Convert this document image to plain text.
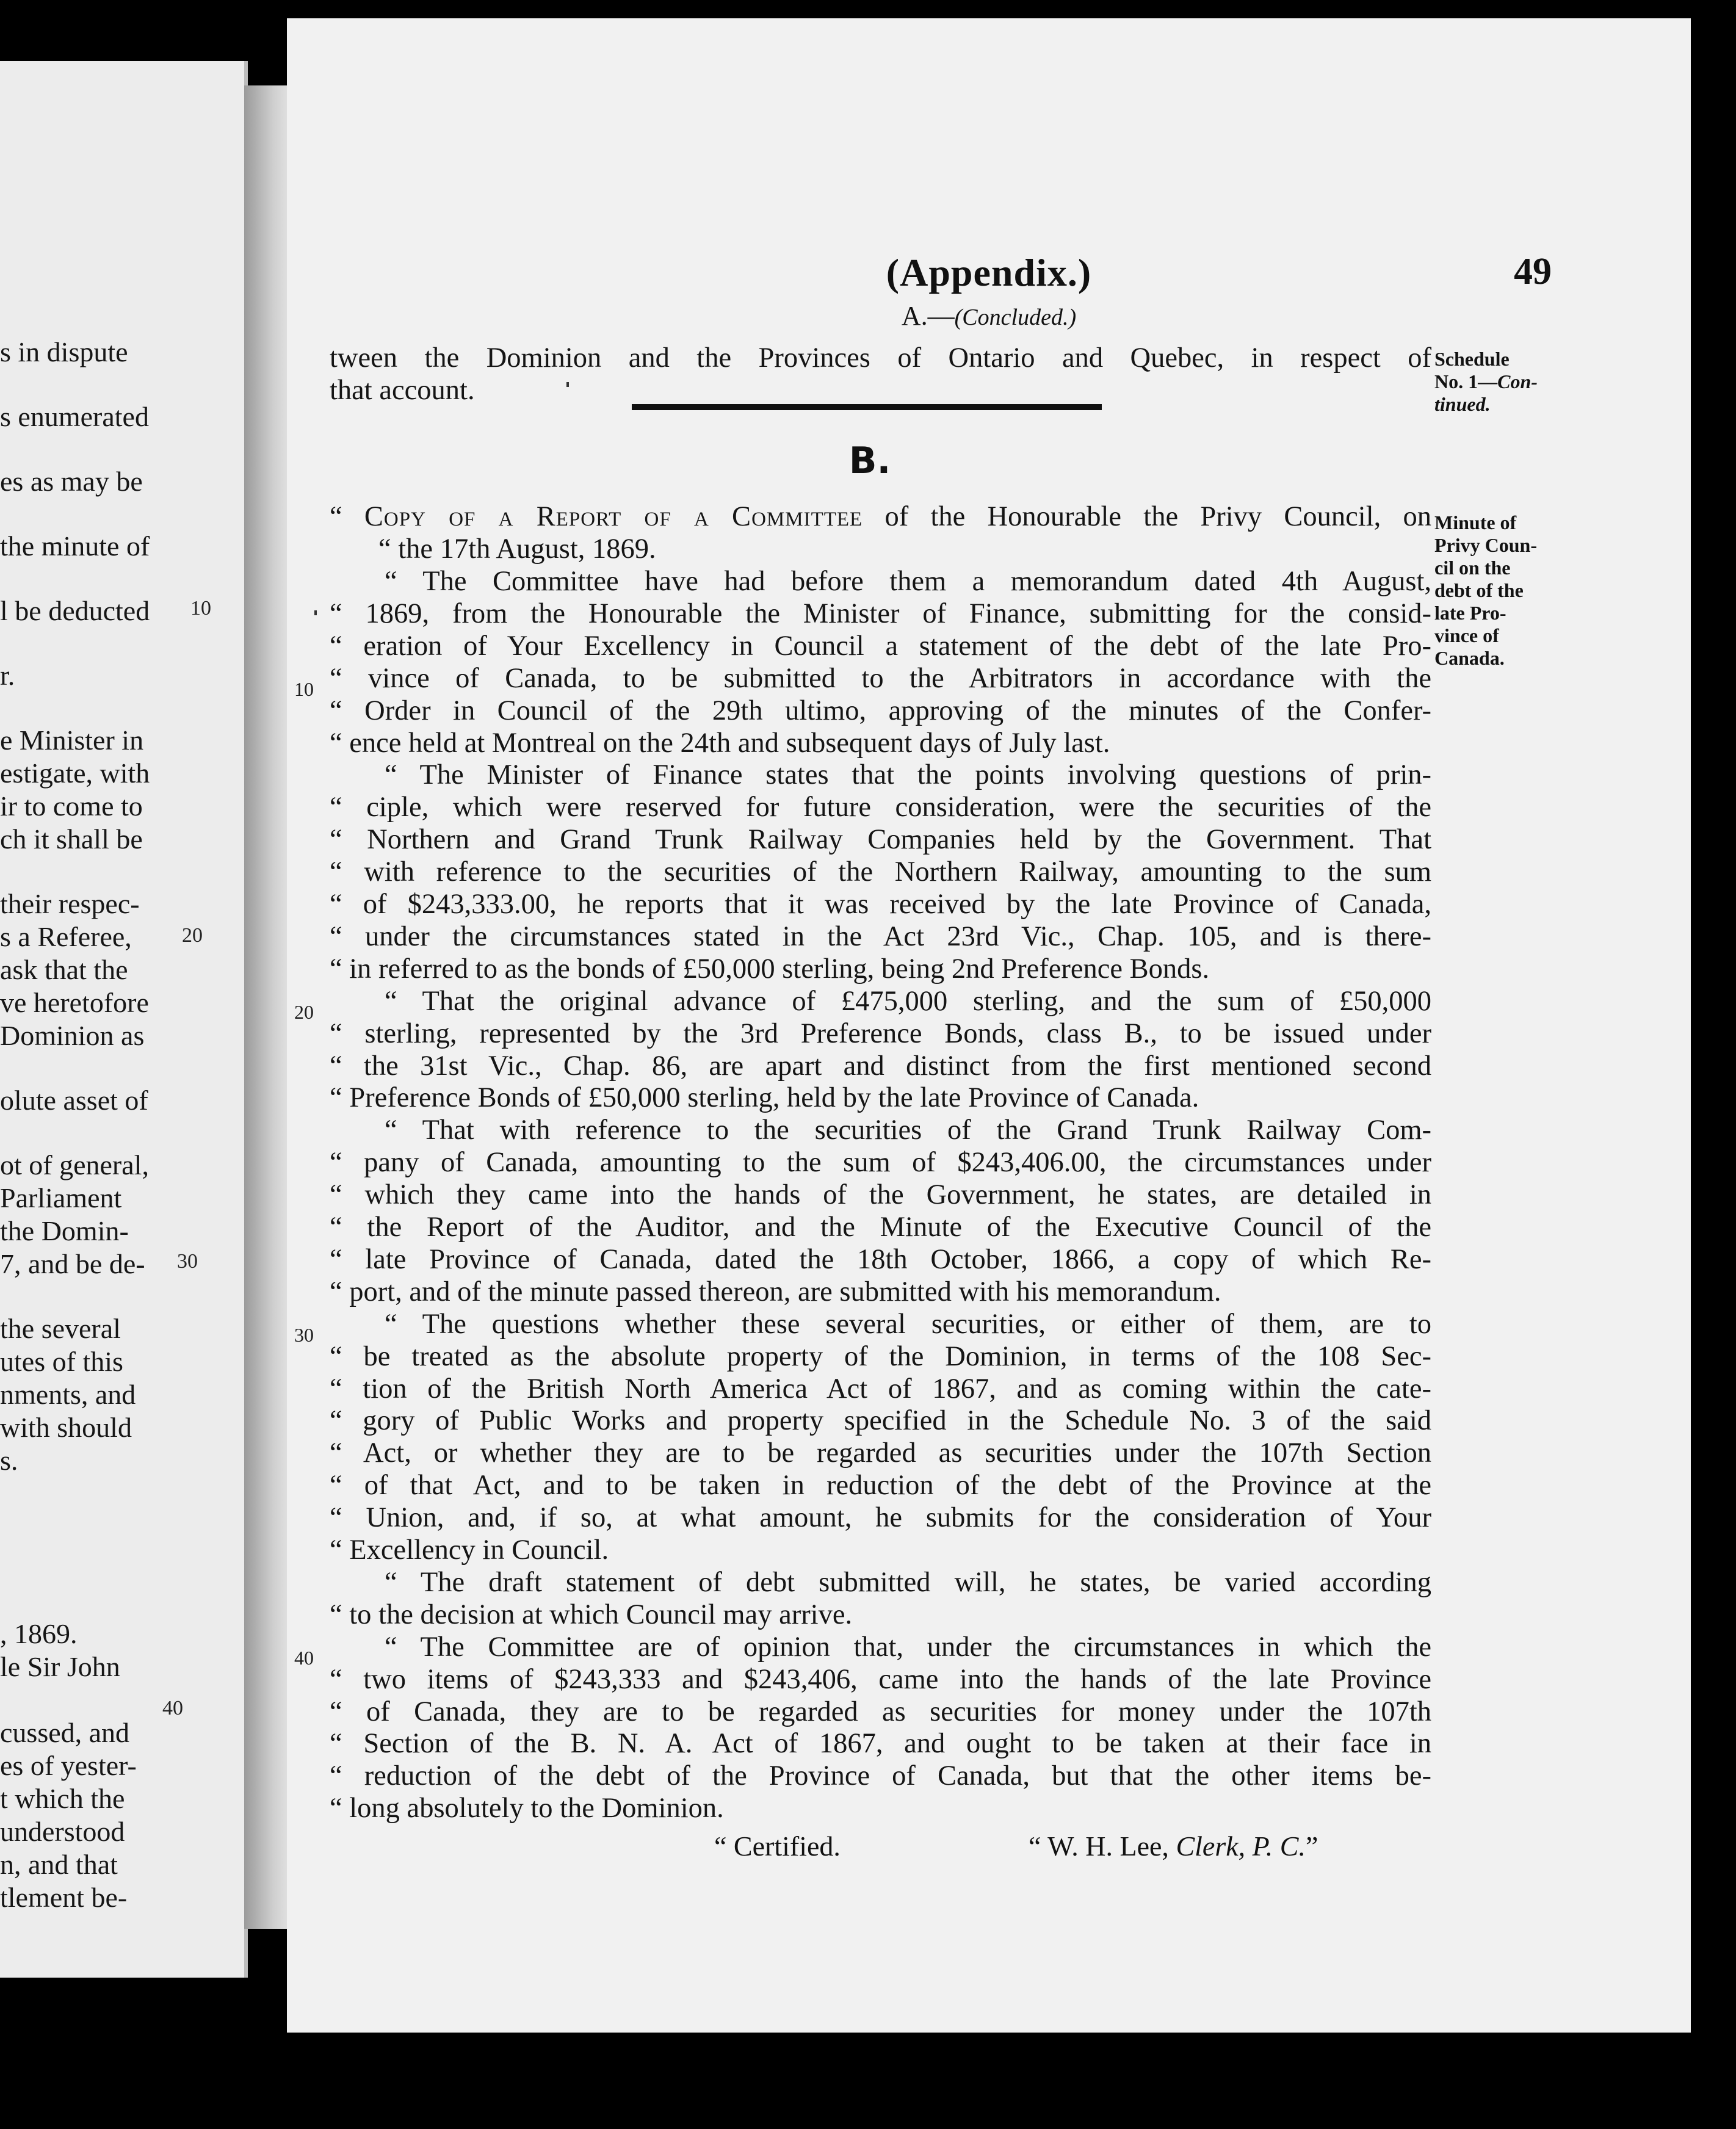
s in dispute
s enumerated
es as may be
the minute of
l be deducted
r.
e Minister in
estigate, with
ir to come to
ch it shall be
their respec-
s a Referee,
ask that the
ve heretofore
Dominion as
olute asset of
ot of general,
Parliament
the Domin-
7, and be de-
the several
utes of this
nments, and
with should
s.
, 1869.
le Sir John
cussed, and
es of yester-
t which the
understood
n, and that
tlement be-
10
20
30
40
(Appendix.)	49
A.—(Concluded.)
tween the Dominion and the Provinces of Ontario and Quebec, in respect of
that account.
Schedule
No. 1—Con-
tinued.
B.
“ Copy of a Report of a Committee of the Honourable the Privy Council, on
“ the 17th August, 1869.
Minute of
Privy Coun-
cil on the
debt of the
late Pro-
vince of
Canada.
“ The Committee have had before them a memorandum dated 4th August,
“ 1869, from the Honourable the Minister of Finance, submitting for the consid-
“ eration of Your Excellency in Council a statement of the debt of the late Pro-
“ vince of Canada, to be submitted to the Arbitrators in accordance with the
“ Order in Council of the 29th ultimo, approving of the minutes of the Confer-
“ ence held at Montreal on the 24th and subsequent days of July last.
“ The Minister of Finance states that the points involving questions of prin-
“ ciple, which were reserved for future consideration, were the securities of the
“ Northern and Grand Trunk Railway Companies held by the Government. That
“ with reference to the securities of the Northern Railway, amounting to the sum
“ of $243,333.00, he reports that it was received by the late Province of Canada,
“ under the circumstances stated in the Act 23rd Vic., Chap. 105, and is there-
“ in referred to as the bonds of £50,000 sterling, being 2nd Preference Bonds.
“ That the original advance of £475,000 sterling, and the sum of £50,000
“ sterling, represented by the 3rd Preference Bonds, class B., to be issued under
“ the 31st Vic., Chap. 86, are apart and distinct from the first mentioned second
“ Preference Bonds of £50,000 sterling, held by the late Province of Canada.
“ That with reference to the securities of the Grand Trunk Railway Com-
“ pany of Canada, amounting to the sum of $243,406.00, the circumstances under
“ which they came into the hands of the Government, he states, are detailed in
“ the Report of the Auditor, and the Minute of the Executive Council of the
“ late Province of Canada, dated the 18th October, 1866, a copy of which Re-
“ port, and of the minute passed thereon, are submitted with his memorandum.
“ The questions whether these several securities, or either of them, are to
“ be treated as the absolute property of the Dominion, in terms of the 108 Sec-
“ tion of the British North America Act of 1867, and as coming within the cate-
“ gory of Public Works and property specified in the Schedule No. 3 of the said
“ Act, or whether they are to be regarded as securities under the 107th Section
“ of that Act, and to be taken in reduction of the debt of the Province at the
“ Union, and, if so, at what amount, he submits for the consideration of Your
“ Excellency in Council.
“ The draft statement of debt submitted will, he states, be varied according
“ to the decision at which Council may arrive.
“ The Committee are of opinion that, under the circumstances in which the
“ two items of $243,333 and $243,406, came into the hands of the late Province
“ of Canada, they are to be regarded as securities for money under the 107th
“ Section of the B. N. A. Act of 1867, and ought to be taken at their face in
“ reduction of the debt of the Province of Canada, but that the other items be-
“ long absolutely to the Dominion.
10
20
30
40
“ Certified.	“ W. H. Lee, Clerk, P. C.”
